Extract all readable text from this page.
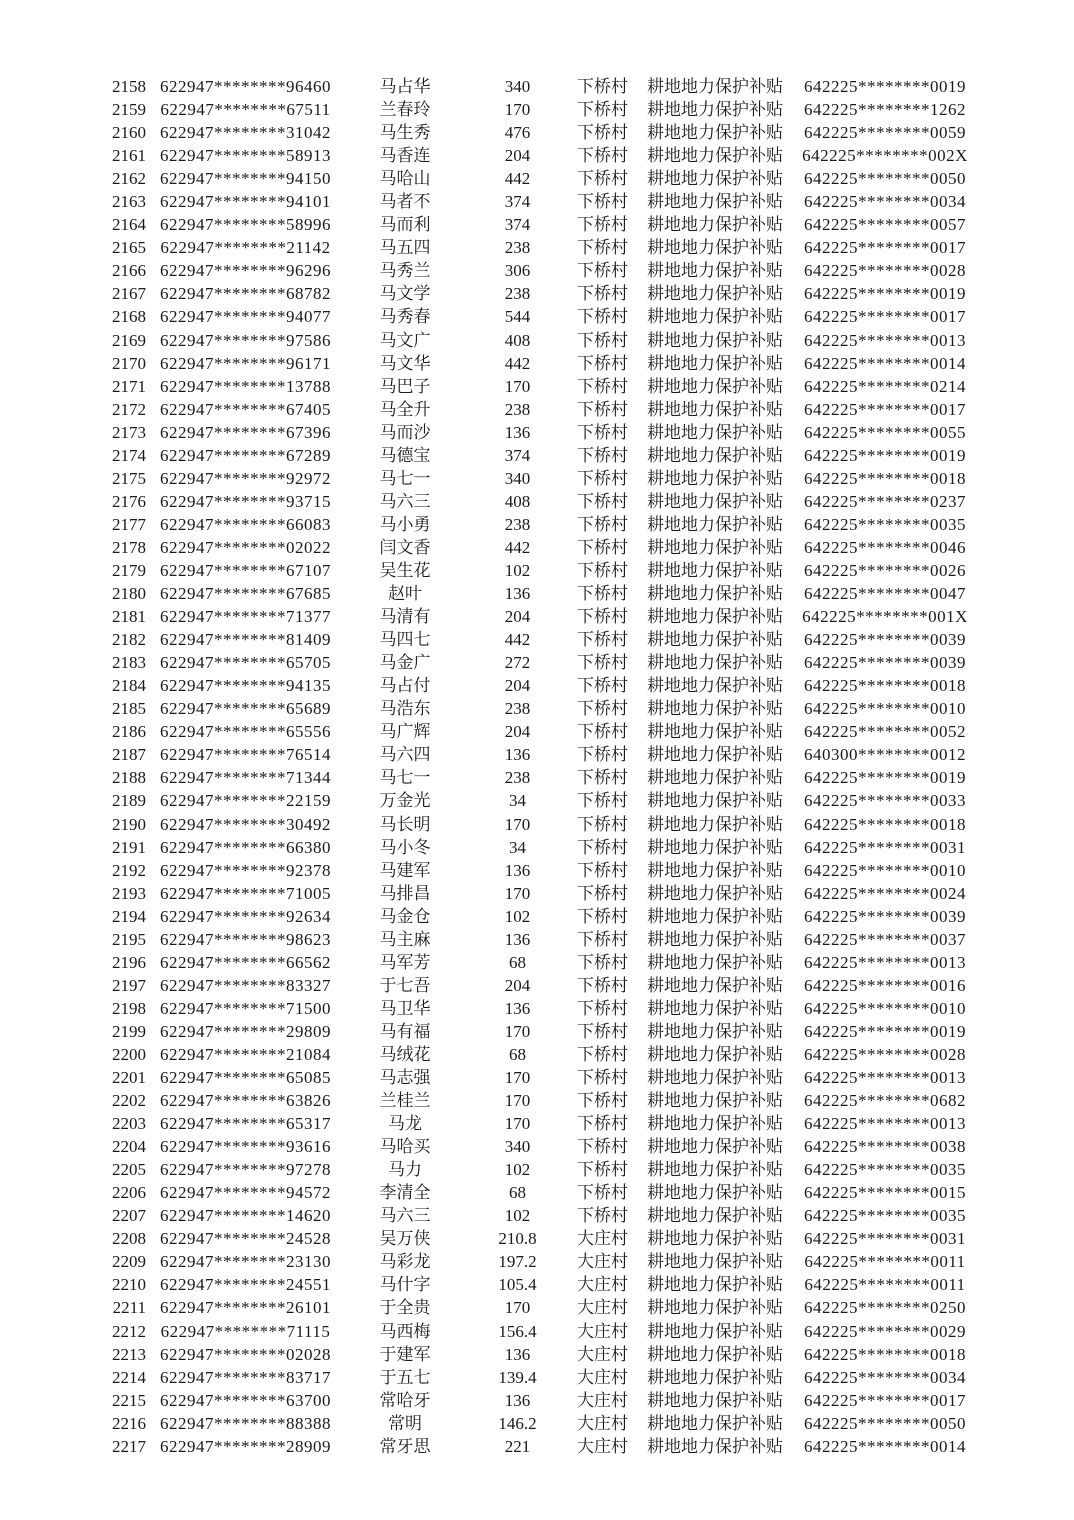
2158 622947********96460	马占华	340	下桥村	耕地地力保护补贴	642225********0019
2159 622947********67511	兰春玲	170	下桥村	耕地地力保护补贴	642225********1262
2160 622947********31042	马生秀	476	下桥村	耕地地力保护补贴	642225********0059
2161 622947********58913	马香连	204	下桥村	耕地地力保护补贴	642225********002X
2162 622947********94150	马哈山	442	下桥村	耕地地力保护补贴	642225********0050
2163 622947********94101	马者不	374	下桥村	耕地地力保护补贴	642225********0034
2164 622947********58996	马而利	374	下桥村	耕地地力保护补贴	642225********0057
2165 622947********21142	马五四	238	下桥村	耕地地力保护补贴	642225********0017
2166 622947********96296	马秀兰	306	下桥村	耕地地力保护补贴	642225********0028
2167 622947********68782	马文学	238	下桥村	耕地地力保护补贴	642225********0019
2168 622947********94077	马秀春	544	下桥村	耕地地力保护补贴	642225********0017
2169 622947********97586	马文广	408	下桥村	耕地地力保护补贴	642225********0013
2170 622947********96171	马文华	442	下桥村	耕地地力保护补贴	642225********0014
2171 622947********13788	马巴子	170	下桥村	耕地地力保护补贴	642225********0214
2172 622947********67405	马全升	238	下桥村	耕地地力保护补贴	642225********0017
2173 622947********67396	马而沙	136	下桥村	耕地地力保护补贴	642225********0055
2174 622947********67289	马德宝	374	下桥村	耕地地力保护补贴	642225********0019
2175 622947********92972	马七一	340	下桥村	耕地地力保护补贴	642225********0018
2176 622947********93715	马六三	408	下桥村	耕地地力保护补贴	642225********0237
2177 622947********66083	马小勇	238	下桥村	耕地地力保护补贴	642225********0035
2178 622947********02022	闫文香	442	下桥村	耕地地力保护补贴	642225********0046
2179 622947********67107	吴生花	102	下桥村	耕地地力保护补贴	642225********0026
2180 622947********67685	赵叶	136	下桥村	耕地地力保护补贴	642225********0047
2181 622947********71377	马清有	204	下桥村	耕地地力保护补贴	642225********001X
2182 622947********81409	马四七	442	下桥村	耕地地力保护补贴	642225********0039
2183 622947********65705	马金广	272	下桥村	耕地地力保护补贴	642225********0039
2184 622947********94135	马占付	204	下桥村	耕地地力保护补贴	642225********0018
2185 622947********65689	马浩东	238	下桥村	耕地地力保护补贴	642225********0010
2186 622947********65556	马广辉	204	下桥村	耕地地力保护补贴	642225********0052
2187 622947********76514	马六四	136	下桥村	耕地地力保护补贴	640300********0012
2188 622947********71344	马七一	238	下桥村	耕地地力保护补贴	642225********0019
2189 622947********22159	万金光	34	下桥村	耕地地力保护补贴	642225********0033
2190 622947********30492	马长明	170	下桥村	耕地地力保护补贴	642225********0018
2191 622947********66380	马小冬	34	下桥村	耕地地力保护补贴	642225********0031
2192 622947********92378	马建军	136	下桥村	耕地地力保护补贴	642225********0010
2193 622947********71005	马排昌	170	下桥村	耕地地力保护补贴	642225********0024
2194 622947********92634	马金仓	102	下桥村	耕地地力保护补贴	642225********0039
2195 622947********98623	马主麻	136	下桥村	耕地地力保护补贴	642225********0037
2196 622947********66562	马军芳	68	下桥村	耕地地力保护补贴	642225********0013
2197 622947********83327	于七吾	204	下桥村	耕地地力保护补贴	642225********0016
2198 622947********71500	马卫华	136	下桥村	耕地地力保护补贴	642225********0010
2199 622947********29809	马有福	170	下桥村	耕地地力保护补贴	642225********0019
2200 622947********21084	马绒花	68	下桥村	耕地地力保护补贴	642225********0028
2201 622947********65085	马志强	170	下桥村	耕地地力保护补贴	642225********0013
2202 622947********63826	兰桂兰	170	下桥村	耕地地力保护补贴	642225********0682
2203 622947********65317	马龙	170	下桥村	耕地地力保护补贴	642225********0013
2204 622947********93616	马哈买	340	下桥村	耕地地力保护补贴	642225********0038
2205 622947********97278	马力	102	下桥村	耕地地力保护补贴	642225********0035
2206 622947********94572	李清全	68	下桥村	耕地地力保护补贴	642225********0015
2207 622947********14620	马六三	102	下桥村	耕地地力保护补贴	642225********0035
2208 622947********24528	吴万侠	210.8	大庄村	耕地地力保护补贴	642225********0031
2209 622947********23130	马彩龙	197.2	大庄村	耕地地力保护补贴	642225********0011
2210 622947********24551	马什字	105.4	大庄村	耕地地力保护补贴	642225********0011
2211 622947********26101	于全贵	170	大庄村	耕地地力保护补贴	642225********0250
2212 622947********71115	马西梅	156.4	大庄村	耕地地力保护补贴	642225********0029
2213 622947********02028	于建军	136	大庄村	耕地地力保护补贴	642225********0018
2214 622947********83717	于五七	139.4	大庄村	耕地地力保护补贴	642225********0034
2215 622947********63700	常哈牙	136	大庄村	耕地地力保护补贴	642225********0017
2216 622947********88388	常明	146.2	大庄村	耕地地力保护补贴	642225********0050
2217 622947********28909	常牙思	221	大庄村	耕地地力保护补贴	642225********0014
